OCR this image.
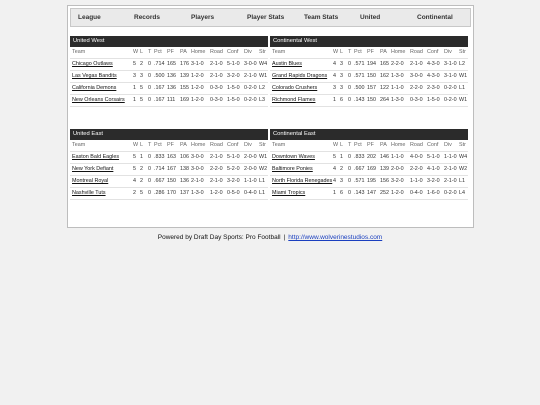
League	Records	Players	Player Stats	Team Stats	United	Continental
United West
Team	W L T Pct PF PA Home Road Conf Div Str
Chicago Outlaws	5 2 0 .714 165 176 3-1-0 2-1-0 5-1-0 3-0-0 W4
Las Vegas Bandits	3 3 0 .500 136 139 1-2-0 2-1-0 3-2-0 2-1-0 W1
California Demons	1 5 0 .167 136 155 1-2-0 0-3-0 1-5-0 0-2-0 L2
New Orleans Corsairs 1 5 0 .167 111 169 1-2-0 0-3-0 1-5-0 0-2-0 L3
Continental West
Team	W L T Pct PF PA Home Road Conf Div Str
Austin Blues	4 3 0 .571 194 165 2-2-0 2-1-0 4-3-0 3-1-0 L2
Grand Rapids Dragons 4 3 0 .571 150 162 1-3-0 3-0-0 4-3-0 3-1-0 W1
Colorado Crushers	3 3 0 .500 157 122 1-1-0 2-2-0 2-3-0 0-2-0 L1
Richmond Flames	1 6 0 .143 150 264 1-3-0 0-3-0 1-5-0 0-2-0 W1
United East
Team	W L T Pct PF PA Home Road Conf Div Str
Easton Bald Eagles	5 1 0 .833 163 106 3-0-0 2-1-0 5-1-0 2-0-0 W1
New York Defiant	5 2 0 .714 167 138 3-0-0 2-2-0 5-2-0 2-0-0 W2
Montreal Royal	4 2 0 .667 150 136 2-1-0 2-1-0 3-2-0 1-1-0 L1
Nashville Tuts	2 5 0 .286 170 137 1-3-0 1-2-0 0-5-0 0-4-0 L1
Continental East
Team	W L T Pct PF PA Home Road Conf Div Str
Downtown Waves	5 1 0 .833 202 146 1-1-0 4-0-0 5-1-0 1-1-0 W4
Baltimore Ponies	4 2 0 .667 169 139 2-0-0 2-2-0 4-1-0 2-1-0 W2
North Florida Renegades 4 3 0 .571 195 156 3-2-0 1-1-0 3-2-0 2-1-0 L1
Miami Tropics	1 6 0 .143 147 252 1-2-0 0-4-0 1-6-0 0-2-0 L4
Powered by Draft Day Sports: Pro Football | http://www.wolverinestudios.com
